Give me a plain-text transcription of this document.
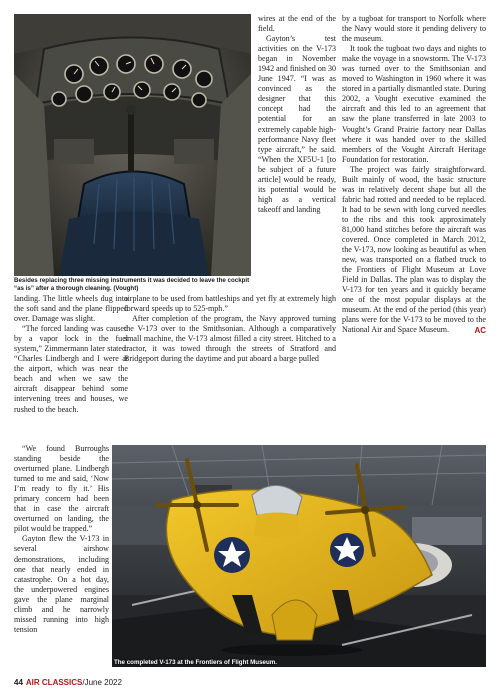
Besides replacing three missing instruments it was decided to leave the cockpit “as is” after a thorough cleaning. (Vought)

landing. The little wheels dug into the soft sand and the plane flipped over. Damage was slight.

“The forced landing was caused by a vapor lock in the fuel system,” Zimmermann later stated. “Charles Lindbergh and I were at the airport, which was near the beach and when we saw the aircraft disappear behind some intervening trees and houses, we rushed to the beach.

“We found Burroughs standing beside the overturned plane. Lindbergh turned to me and said, ‘Now I’m ready to fly it.’ His primary concern had been that in case the aircraft overturned on landing, the pilot would be trapped.”

Gayton flew the V-173 in several airshow demonstrations, including one that nearly ended in catastrophe. On a hot day, the underpowered engines gave the plane marginal climb and he narrowly missed running into high tension

wires at the end of the field.

Gayton’s test activities on the V-173 began in November 1942 and finished on 30 June 1947. “I was as convinced as the designer that this concept had the potential for an extremely capable high-performance Navy fleet type aircraft,” he said. “When the XF5U-1 [to be subject of a future article] would be ready, its potential would be high as a vertical takeoff and landing

airplane to be used from battleships and yet fly at extremely high forward speeds up to 525-mph.”

After completion of the program, the Navy approved turning the V-173 over to the Smithsonian. Although a comparatively small machine, the V-173 almost filled a city street. Hitched to a tractor, it was towed through the streets of Stratford and Bridgeport during the daytime and put aboard a barge pulled

by a tugboat for transport to Norfolk where the Navy would store it pending delivery to the museum.

It took the tugboat two days and nights to make the voyage in a snowstorm. The V-173 was turned over to the Smithsonian and moved to Washington in 1960 where it was stored in a partially dismantled state. During 2002, a Vought executive examined the aircraft and this led to an agreement that saw the plane transferred in late 2003 to Vought’s Grand Prairie factory near Dallas where it was handed over to the skilled members of the Vought Aircraft Heritage Foundation for restoration.

The project was fairly straightforward. Built mainly of wood, the basic structure was in relatively decent shape but all the fabric had rotted and needed to be replaced. It had to be sewn with long curved needles to the ribs and this took approximately 81,000 hand stitches before the aircraft was covered. Once completed in March 2012, the V-173, now looking as beautiful as when new, was transported on a flatbed truck to the Frontiers of Flight Museum at Love Field in Dallas. The plan was to display the V-173 for ten years and it quickly became one of the most popular displays at the museum. At the end of the period (this year) plans were for the V-173 to be moved to the National Air and Space Museum.	AC

The completed V-173 at the Frontiers of Flight Museum.
44 AIR CLASSICS/June 2022
